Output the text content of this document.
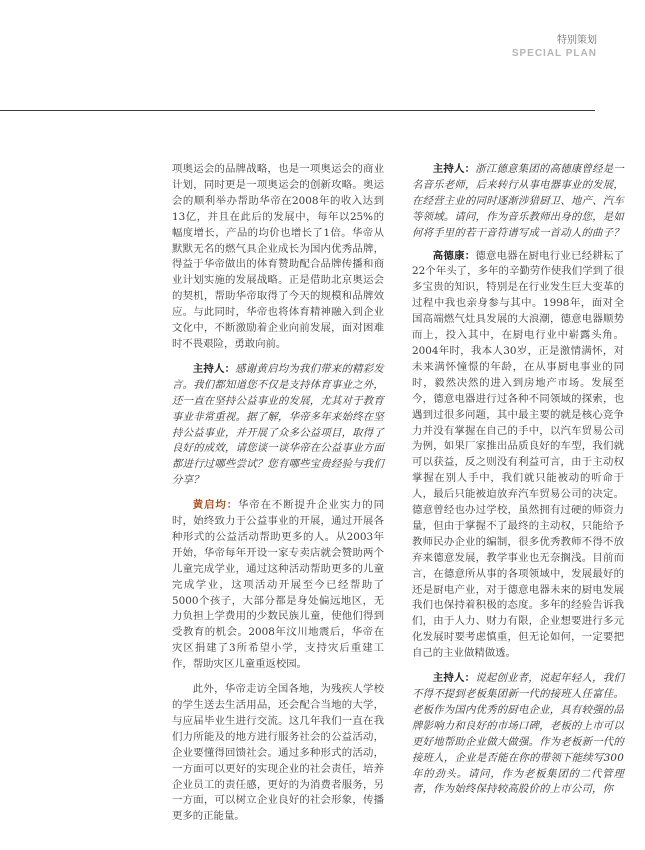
特别策划
SPECIAL PLAN

项奥运会的品牌战略，也是一项奥运会的商业计划，同时更是一项奥运会的创新攻略。奥运会的顺利举办帮助华帝在2008年的收入达到13亿，并且在此后的发展中，每年以25%的幅度增长，产品的均价也增长了1倍。华帝从默默无名的燃气具企业成长为国内优秀品牌，得益于华帝做出的体育赞助配合品牌传播和商业计划实施的发展战略。正是借助北京奥运会的契机，帮助华帝取得了今天的规模和品牌效应。与此同时，华帝也将体育精神融入到企业文化中，不断激励着企业向前发展，面对困难时不畏艰险，勇敢向前。

主持人：感谢黄启均为我们带来的精彩发言。我们都知道您不仅是支持体育事业之外，还一直在坚持公益事业的发展，尤其对于教育事业非常重视。据了解，华帝多年来始终在坚持公益事业，并开展了众多公益项目，取得了良好的成效，请您谈一谈华帝在公益事业方面都进行过哪些尝试？您有哪些宝贵经验与我们分享？

黄启均：华帝在不断提升企业实力的同时，始终致力于公益事业的开展，通过开展各种形式的公益活动帮助更多的人。从2003年开始，华帝每年开设一家专卖店就会赞助两个儿童完成学业，通过这种活动帮助更多的儿童完成学业，这项活动开展至今已经帮助了5000个孩子，大部分都是身处偏远地区，无力负担上学费用的少数民族儿童，使他们得到受教育的机会。2008年汶川地震后，华帝在灾区捐建了3所希望小学，支持灾后重建工作，帮助灾区儿童重返校园。

此外，华帝走访全国各地，为残疾人学校的学生送去生活用品，还会配合当地的大学，与应届毕业生进行交流。这几年我们一直在我们力所能及的地方进行服务社会的公益活动，企业要懂得回馈社会。通过多种形式的活动，一方面可以更好的实现企业的社会责任，培养企业员工的责任感，更好的为消费者服务，另一方面，可以树立企业良好的社会形象，传播更多的正能量。

主持人：浙江德意集团的高德康曾经是一名音乐老师，后来转行从事电器事业的发展，在经营主业的同时逐渐涉猎厨卫、地产、汽车等领域。请问，作为音乐教师出身的您，是如何将手里的若干音符谱写成一首动人的曲子？

高德康：德意电器在厨电行业已经耕耘了22个年头了，多年的辛勤劳作使我们学到了很多宝贵的知识，特别是在行业发生巨大变革的过程中我也亲身参与其中。1998年，面对全国高端燃气灶具发展的大浪潮，德意电器顺势而上，投入其中，在厨电行业中崭露头角。2004年时，我本人30岁，正是激情满怀，对未来满怀憧憬的年龄，在从事厨电事业的同时，毅然决然的进入到房地产市场。发展至今，德意电器进行过各种不同领域的探索，也遇到过很多问题，其中最主要的就是核心竞争力并没有掌握在自己的手中，以汽车贸易公司为例，如果厂家推出品质良好的车型，我们就可以获益，反之则没有利益可言，由于主动权掌握在别人手中，我们就只能被动的听命于人，最后只能被迫放弃汽车贸易公司的决定。德意曾经也办过学校，虽然拥有过硬的师资力量，但由于掌握不了最终的主动权，只能给予教师民办企业的编制，很多优秀教师不得不放弃来德意发展，教学事业也无奈搁浅。目前而言，在德意所从事的各项领域中，发展最好的还是厨电产业，对于德意电器未来的厨电发展我们也保持着积极的态度。多年的经验告诉我们，由于人力、财力有限，企业想要进行多元化发展时要考虑慎重，但无论如何，一定要把自己的主业做精做透。

主持人：说起创业者，说起年轻人，我们不得不提到老板集团新一代的接班人任富佳。老板作为国内优秀的厨电企业，具有较强的品牌影响力和良好的市场口碑，老板的上市可以更好地帮助企业做大做强。作为老板新一代的接班人，企业是否能在你的带领下能续写300年的劲头。请问，作为老板集团的二代管理者，作为始终保持较高股价的上市公司，你
